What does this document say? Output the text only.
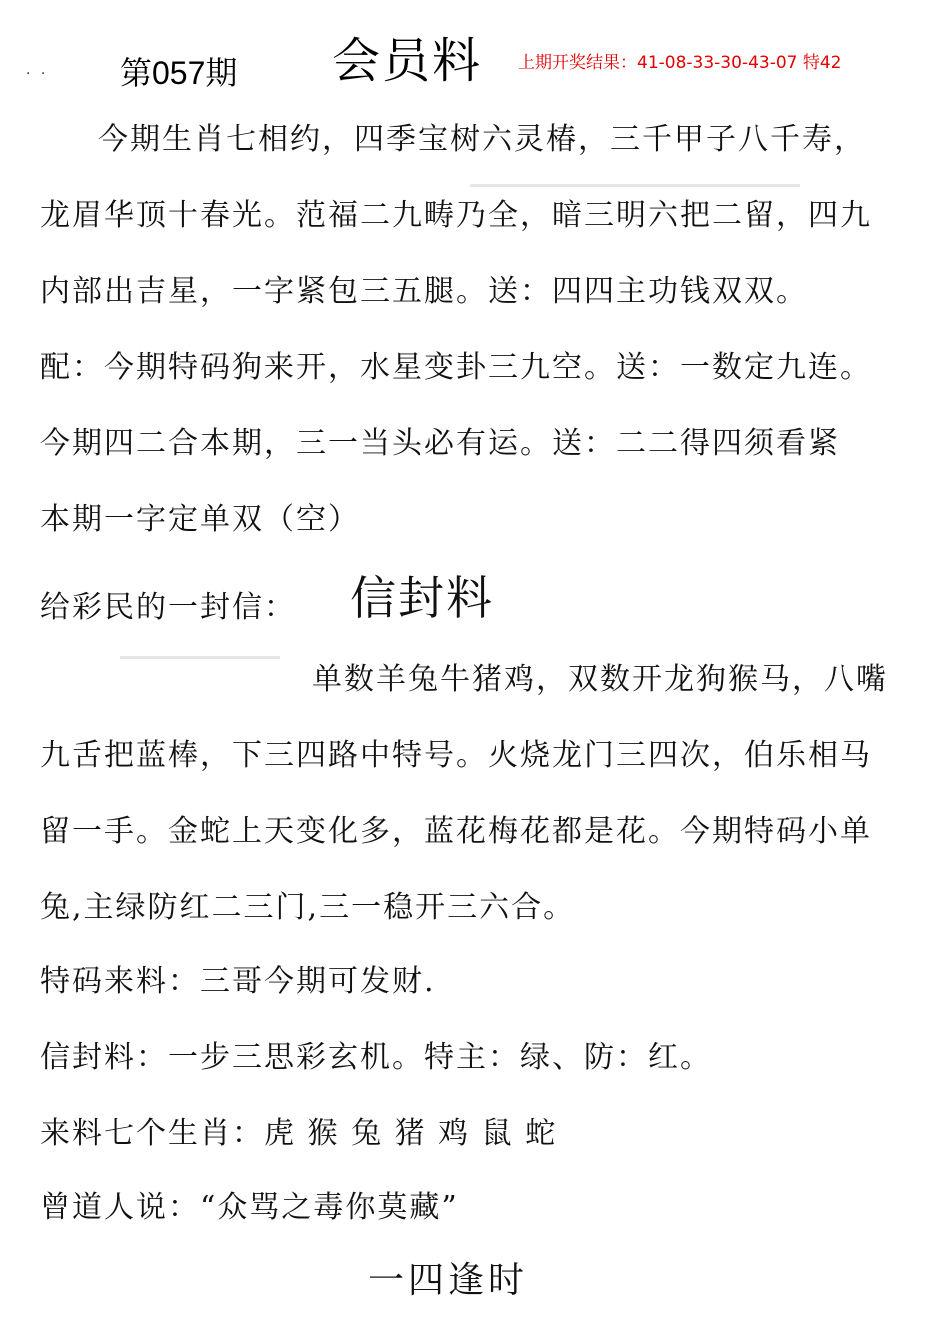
. . 第057期 会员料 上期开奖结果：41-08-33-30-43-07 特42
今期生肖七相约，四季宝树六灵椿，三千甲子八千寿，
龙眉华顶十春光。范福二九畴乃全，暗三明六把二留，四九
内部出吉星，一字紧包三五腿。送：四四主功钱双双。
配：今期特码狗来开，水星变卦三九空。送：一数定九连。
今期四二合本期，三一当头必有运。送：二二得四须看紧
本期一字定单双（空）
给彩民的一封信： 信封料
单数羊兔牛猪鸡，双数开龙狗猴马，八嘴
九舌把蓝棒，下三四路中特号。火烧龙门三四次，伯乐相马
留一手。金蛇上天变化多，蓝花梅花都是花。今期特码小单
兔,主绿防红二三门,三一稳开三六合。
特码来料：三哥今期可发财.
信封料：一步三思彩玄机。特主：绿、防：红。
来料七个生肖：虎 猴 兔 猪 鸡 鼠 蛇
曾道人说：“众骂之毒你莫藏”
一四逢时
